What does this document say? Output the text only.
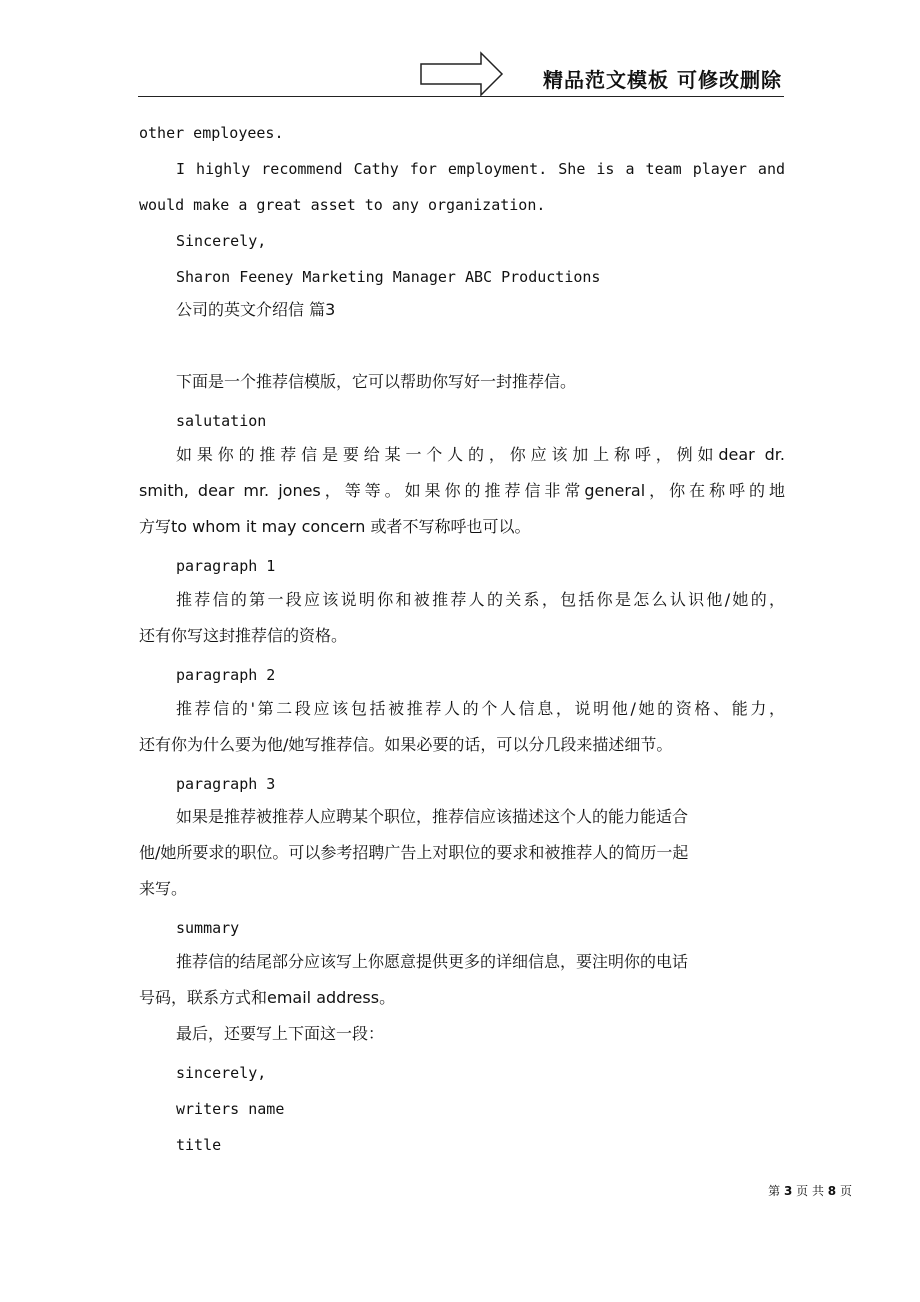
精品范文模板 可修改删除
other employees.
I highly recommend Cathy for employment. She is a team player and
would make a great asset to any organization.
Sincerely,
Sharon Feeney Marketing Manager ABC Productions
公司的英文介绍信 篇3
下面是一个推荐信模版，它可以帮助你写好一封推荐信。
salutation
如果你的推荐信是要给某一个人的，你应该加上称呼，例如dear dr.
smith, dear mr. jones，等等。如果你的推荐信非常general，你在称呼的地
方写to whom it may concern 或者不写称呼也可以。
paragraph 1
推荐信的第一段应该说明你和被推荐人的关系，包括你是怎么认识他/她的，
还有你写这封推荐信的资格。
paragraph 2
推荐信的'第二段应该包括被推荐人的个人信息，说明他/她的资格、能力，
还有你为什么要为他/她写推荐信。如果必要的话，可以分几段来描述细节。
paragraph 3
如果是推荐被推荐人应聘某个职位，推荐信应该描述这个人的能力能适合
他/她所要求的职位。可以参考招聘广告上对职位的要求和被推荐人的简历一起
来写。
summary
推荐信的结尾部分应该写上你愿意提供更多的详细信息，要注明你的电话
号码，联系方式和email address。
最后，还要写上下面这一段：
sincerely,
writers name
title
第 3 页 共 8 页
